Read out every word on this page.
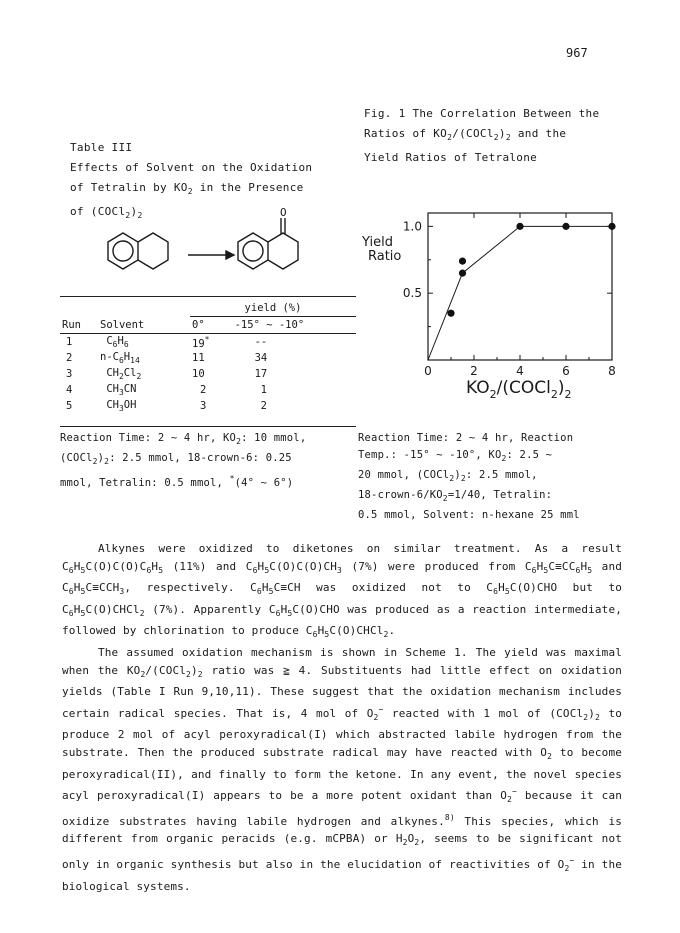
967
Fig. 1 The Correlation Between the
Ratios of $KO_2/(COCl_2)_2$ and the
Yield Ratios of Tetralone
0	2	4	6	8
1.0
0.5
Yield
Ratio
$KO_2/(COCl_2)_2$
Reaction Time: 2 ~ 4 hr, Reaction
Temp.: -15° ~ -10°, $KO_2$: 2.5 ~
20 mmol, $(COCl_2)_2$: 2.5 mmol,
$18-crown-6/KO_2=1/40$, Tetralin:
0.5 mmol, Solvent: n-hexane 25 mml
Table III
Effects of Solvent on the Oxidation
of Tetralin by $KO_2$ in the Presence
of $(COCl_2)_2$	O
		yield (%)	
Run	Solvent	0°	-15° ~ -10°
1	$C_6H_6$	19*	--
2	$n-C_6H_{14}$	11	34
3	$CH_2Cl_2$	10	17
4	$CH_3CN$	2	1
5	$CH_3OH$	3	2
Reaction Time: 2 ~ 4 hr, $KO_2$: 10 mmol,
$(COCl_2)_2$: 2.5 mmol, 18-crown-6: 0.25
mmol, Tetralin: 0.5 mmol, *(4° ~ 6°)

Alkynes were oxidized to diketones on similar treatment. As a result $C_6H_5C(O)C(O)C_6H_5$ (11%) and $C_6H_5C(O)C(O)CH_3$ (7%) were produced from $C_6H_5C\equiv CC_6H_5$ and $C_6H_5C\equiv CCH_3$, respectively. $C_6H_5C\equiv CH$ was oxidized not to $C_6H_5C(O)CHO$ but to $C_6H_5C(O)CHCl_2$ (7%). Apparently $C_6H_5C(O)CHO$ was produced as a reaction intermediate, followed by chlorination to produce $C_6H_5C(O)CHCl_2$.

The assumed oxidation mechanism is shown in Scheme 1. The yield was maximal when the $KO_2/(COCl_2)_2$ ratio was ≧ 4. Substituents had little effect on oxidation yields (Table I Run 9,10,11). These suggest that the oxidation mechanism includes certain radical species. That is, 4 mol of $O_2^-$ reacted with 1 mol of $(COCl_2)_2$ to produce 2 mol of acyl peroxyradical(I) which abstracted labile hydrogen from the substrate. Then the produced substrate radical may have reacted with $O_2$ to become peroxyradical(II), and finally to form the ketone. In any event, the novel species acyl peroxyradical(I) appears to be a more potent oxidant than $O_2^-$ because it can oxidize substrates having labile hydrogen and alkynes.$^{8)}$ This species, which is different from organic peracids (e.g. mCPBA) or $H_2O_2$, seems to be significant not only in organic synthesis but also in the elucidation of reactivities of $O_2^-$ in the biological systems.
